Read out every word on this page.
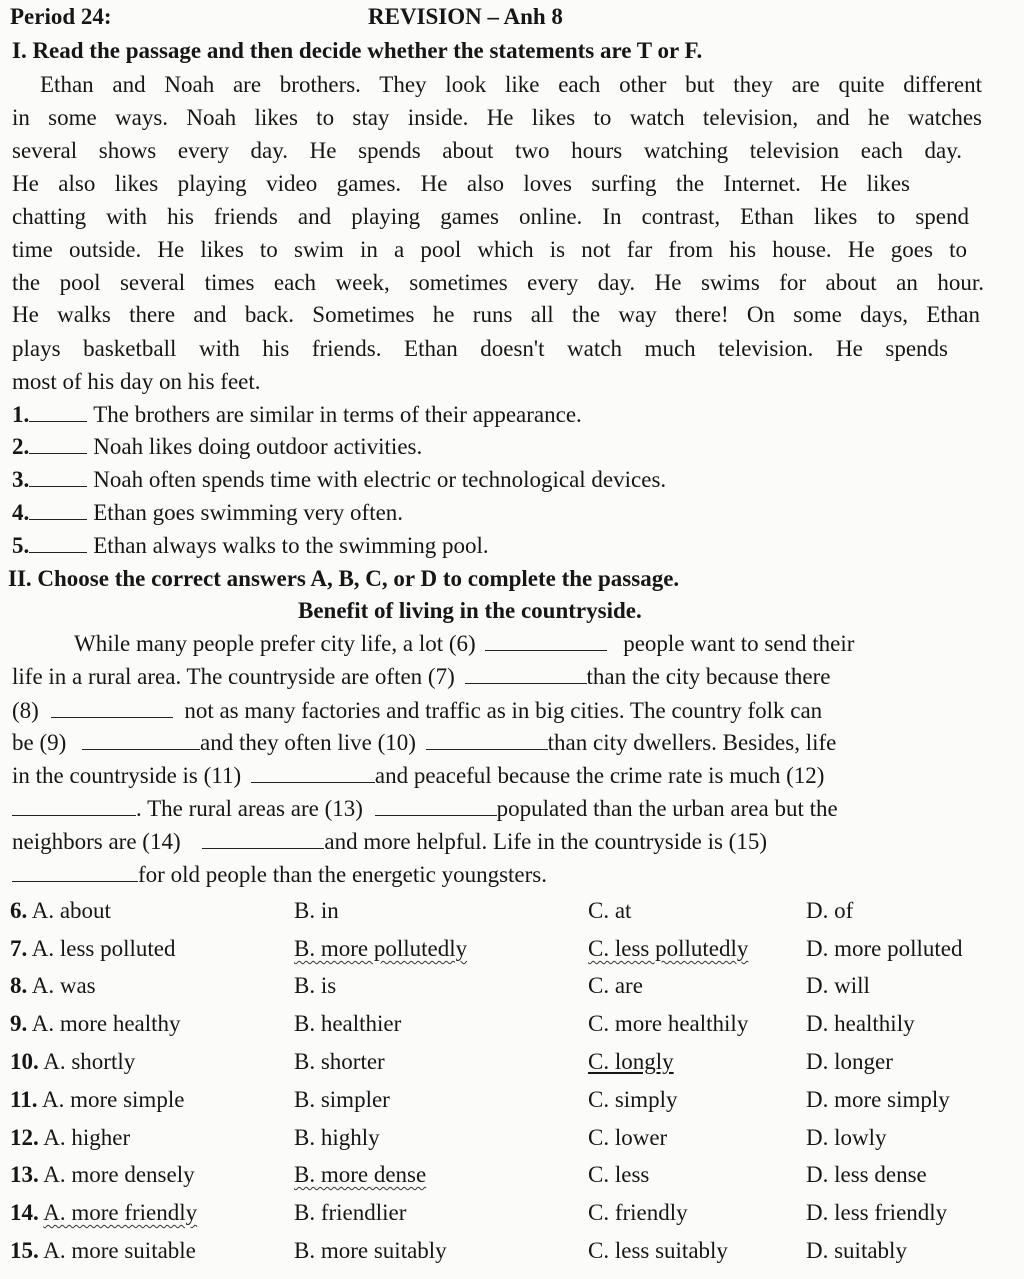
Period 24:	REVISION – Anh 8
I. Read the passage and then decide whether the statements are T or F.
Ethan and Noah are brothers. They look like each other but they are quite different
in some ways. Noah likes to stay inside. He likes to watch television, and he watches
several shows every day. He spends about two hours watching television each day.
He also likes playing video games. He also loves surfing the Internet. He likes
chatting with his friends and playing games online. In contrast, Ethan likes to spend
time outside. He likes to swim in a pool which is not far from his house. He goes to
the pool several times each week, sometimes every day. He swims for about an hour.
He walks there and back. Sometimes he runs all the way there! On some days, Ethan
plays basketball with his friends. Ethan doesn't watch much television. He spends
most of his day on his feet.
1.	The brothers are similar in terms of their appearance.
2.	Noah likes doing outdoor activities.
3.	Noah often spends time with electric or technological devices.
4.	Ethan goes swimming very often.
5.	Ethan always walks to the swimming pool.
II. Choose the correct answers A, B, C, or D to complete the passage.
Benefit of living in the countryside.
While many people prefer city life, a lot (6)	people want to send their
life in a rural area. The countryside are often (7)	than the city because there
(8)	not as many factories and traffic as in big cities. The country folk can
be (9)	and they often live (10)	than city dwellers. Besides, life
in the countryside is (11)	and peaceful because the crime rate is much (12)
. The rural areas are (13)	populated than the urban area but the
neighbors are (14)	and more helpful. Life in the countryside is (15)
for old people than the energetic youngsters.
6. A. about	B. in	C. at	D. of
7. A. less polluted	B. more pollutedly	C. less pollutedly	D. more polluted
8. A. was	B. is	C. are	D. will
9. A. more healthy	B. healthier	C. more healthily	D. healthily
10. A. shortly	B. shorter	C. longly	D. longer
11. A. more simple	B. simpler	C. simply	D. more simply
12. A. higher	B. highly	C. lower	D. lowly
13. A. more densely	B. more dense	C. less	D. less dense
14. A. more friendly	B. friendlier	C. friendly	D. less friendly
15. A. more suitable	B. more suitably	C. less suitably	D. suitably
